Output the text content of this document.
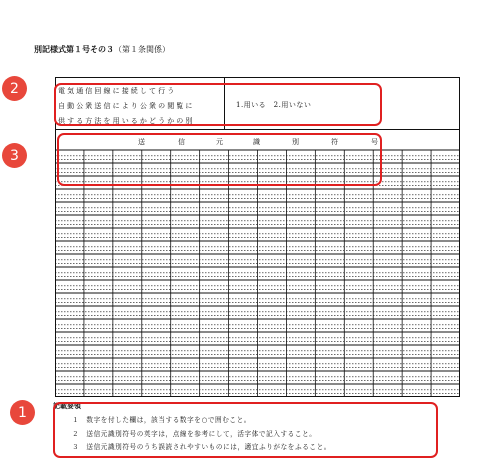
別記様式第１号その３（第１条関係）
電気通信回線に接続して行う
自動公衆送信により公衆の閲覧に
供する方法を用いるかどうかの別
1.用いる　2.用いない
送	信	元	識	別	符	号
記載要領
１　数字を付した欄は，該当する数字を○で囲むこと。
２　送信元識別符号の英字は，点線を参考にして，活字体で記入すること。
３　送信元識別符号のうち誤読されやすいものには，適宜ふりがなをふること。
2
3
1
